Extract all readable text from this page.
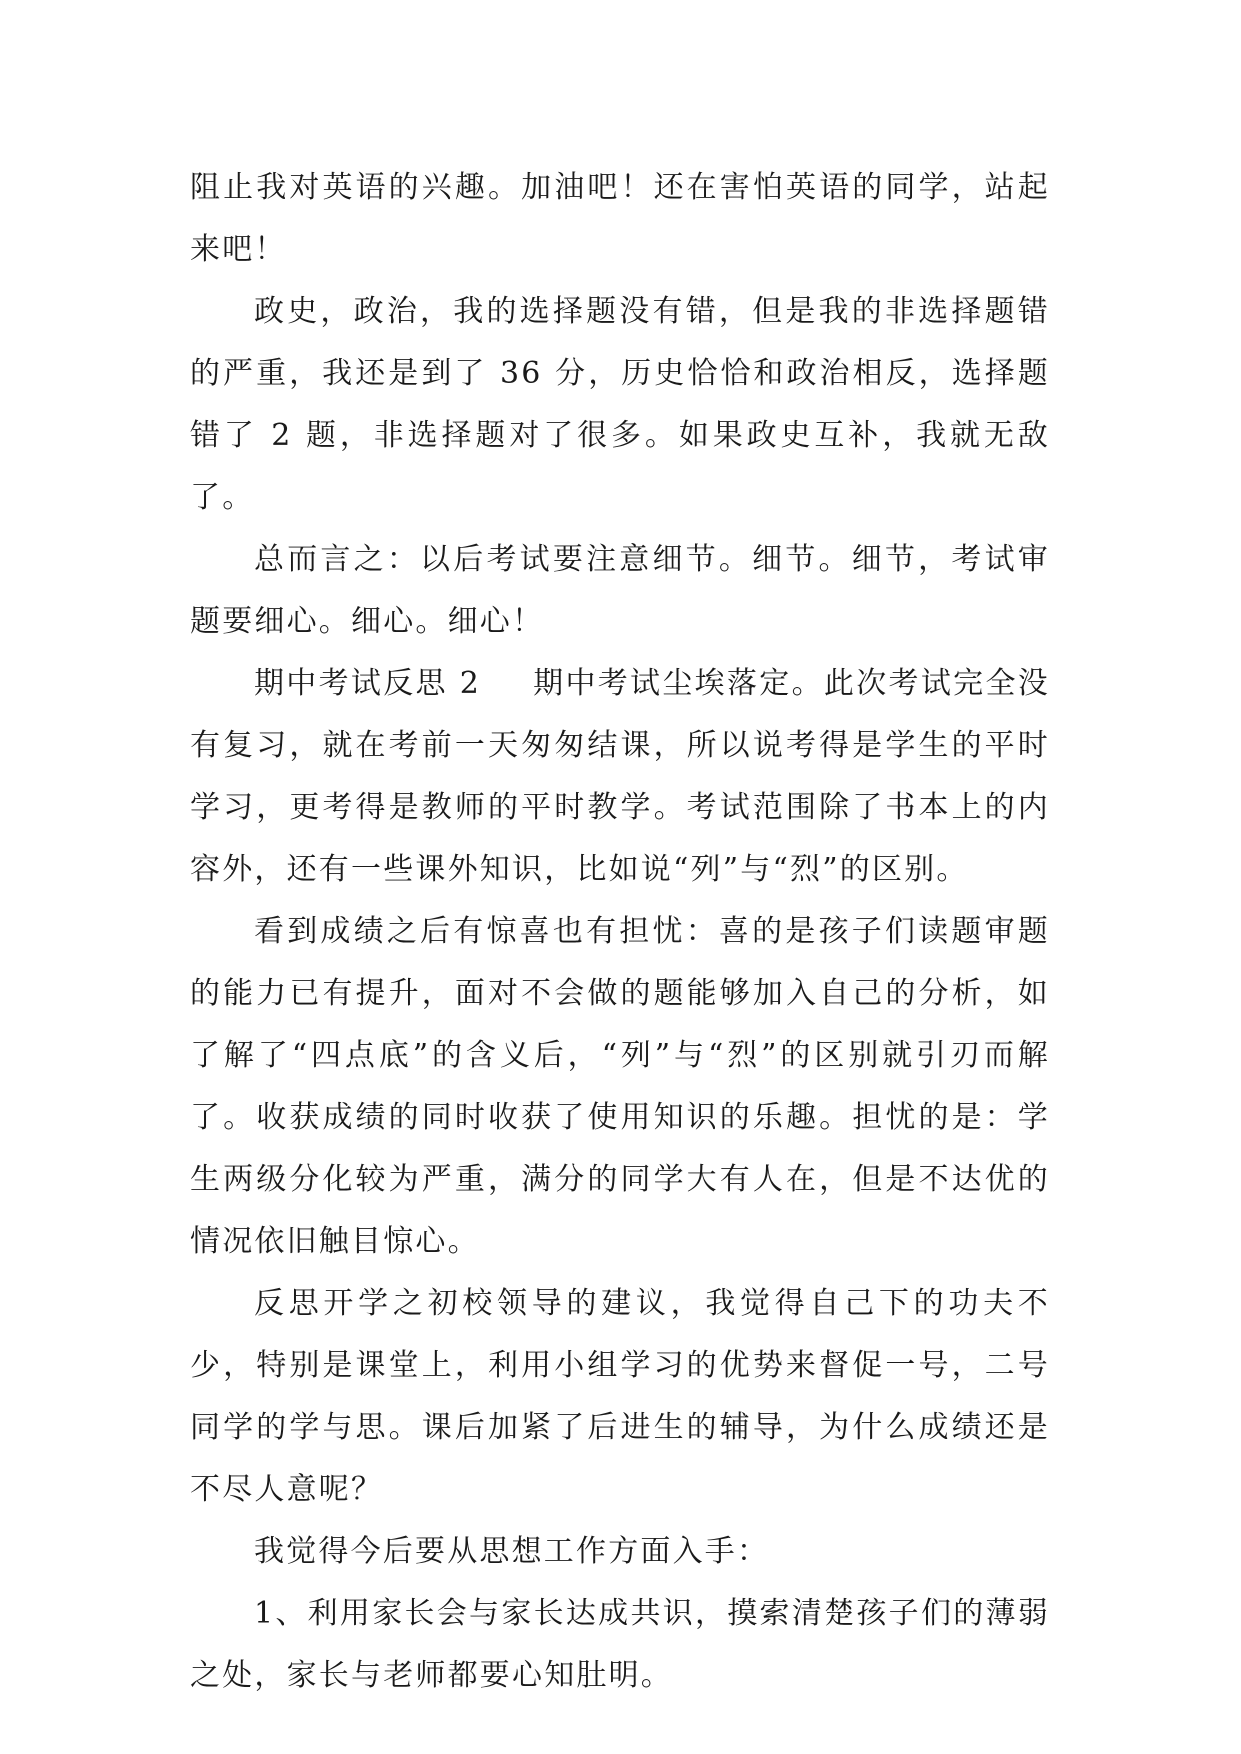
阻止我对英语的兴趣。加油吧！还在害怕英语的同学，站起来吧！

政史，政治，我的选择题没有错，但是我的非选择题错的严重，我还是到了 36 分，历史恰恰和政治相反，选择题错了 2 题，非选择题对了很多。如果政史互补，我就无敌了。

总而言之：以后考试要注意细节。细节。细节，考试审题要细心。细心。细心！

期中考试反思 2 期中考试尘埃落定。此次考试完全没有复习，就在考前一天匆匆结课，所以说考得是学生的平时学习，更考得是教师的平时教学。考试范围除了书本上的内容外，还有一些课外知识，比如说“列”与“烈”的区别。

看到成绩之后有惊喜也有担忧：喜的是孩子们读题审题的能力已有提升，面对不会做的题能够加入自己的分析，如了解了“四点底”的含义后，“列”与“烈”的区别就引刃而解了。收获成绩的同时收获了使用知识的乐趣。担忧的是：学生两级分化较为严重，满分的同学大有人在，但是不达优的情况依旧触目惊心。

反思开学之初校领导的建议，我觉得自己下的功夫不少，特别是课堂上，利用小组学习的优势来督促一号，二号同学的学与思。课后加紧了后进生的辅导，为什么成绩还是不尽人意呢？

我觉得今后要从思想工作方面入手：

1、利用家长会与家长达成共识，摸索清楚孩子们的薄弱之处，家长与老师都要心知肚明。
